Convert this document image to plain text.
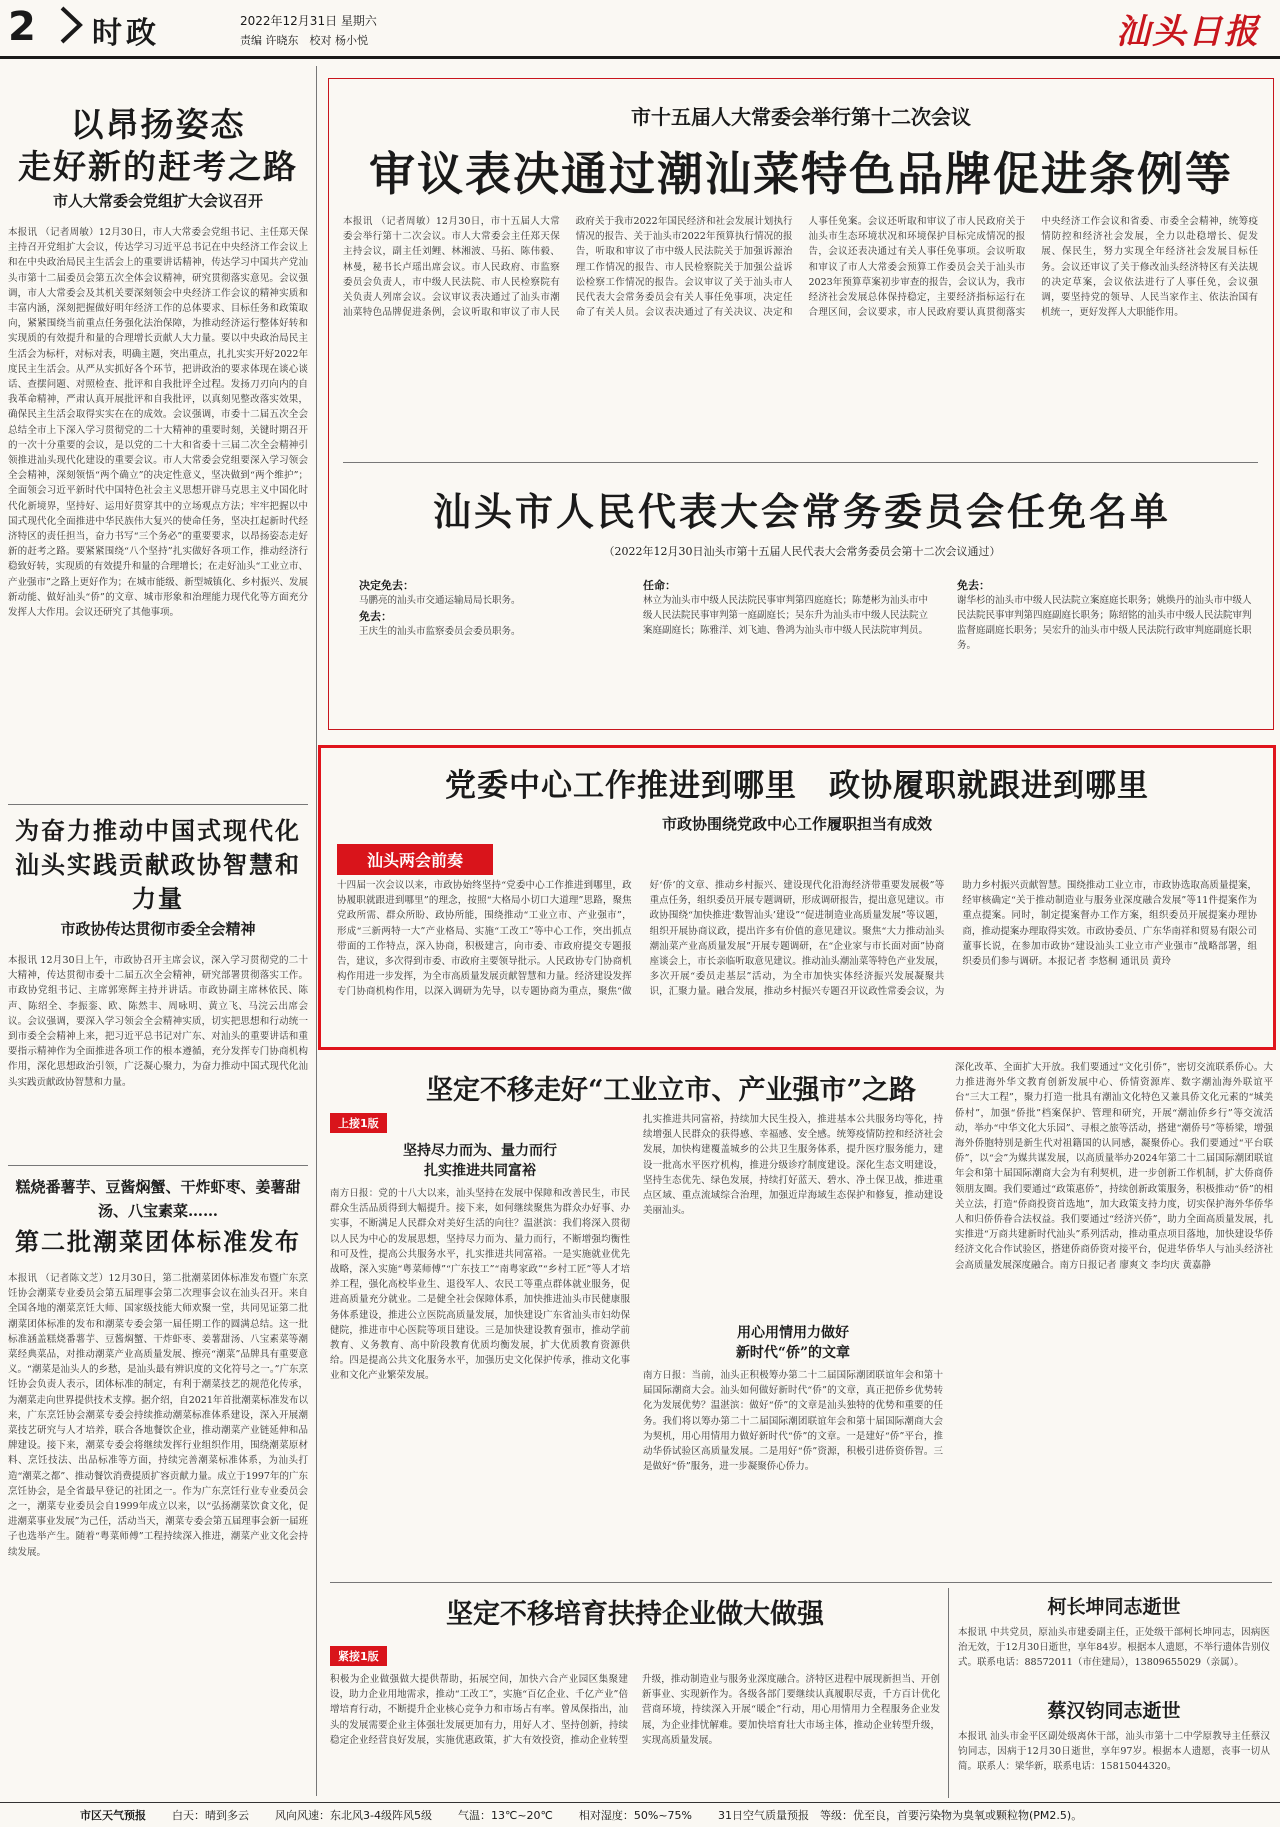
2 时政	2022年12月31日 星期六
责编 许晓东　校对 杨小悦	汕头日报
以昂扬姿态
走好新的赶考之路
市人大常委会党组扩大会议召开
本报讯 （记者周敏）12月30日，市人大常委会党组书记、主任郑天保主持召开党组扩大会议，传达学习习近平总书记在中央经济工作会议上和在中央政治局民主生活会上的重要讲话精神，传达学习中国共产党汕头市第十二届委员会第五次全体会议精神，研究贯彻落实意见。会议强调，市人大常委会及其机关要深刻领会中央经济工作会议的精神实质和丰富内涵，深刻把握做好明年经济工作的总体要求、目标任务和政策取向，紧紧围绕当前重点任务强化法治保障，为推动经济运行整体好转和实现质的有效提升和量的合理增长贡献人大力量。要以中央政治局民主生活会为标杆，对标对表，明确主题，突出重点，扎扎实实开好2022年度民主生活会。从严从实抓好各个环节，把讲政治的要求体现在谈心谈话、查摆问题、对照检查、批评和自我批评全过程。发扬刀刃向内的自我革命精神，严肃认真开展批评和自我批评，以真刻见整改落实效果，确保民主生活会取得实实在在的成效。会议强调，市委十二届五次全会总结全市上下深入学习贯彻党的二十大精神的重要时刻，关键时期召开的一次十分重要的会议，是以党的二十大和省委十三届二次全会精神引领推进汕头现代化建设的重要会议。市人大常委会党组要深入学习领会全会精神，深刻领悟“两个确立”的决定性意义，坚决做到“两个维护”；全面领会习近平新时代中国特色社会主义思想开辟马克思主义中国化时代化新境界，坚持好、运用好贯穿其中的立场观点方法；牢牢把握以中国式现代化全面推进中华民族伟大复兴的使命任务，坚决扛起新时代经济特区的责任担当，奋力书写“三个务必”的重要要求，以昂扬姿态走好新的赶考之路。要紧紧围绕“八个坚持”扎实做好各项工作，推动经济行稳致好转，实现质的有效提升和量的合理增长；在走好汕头“工业立市、产业强市”之路上更好作为；在城市能级、新型城镇化、乡村振兴、发展新动能、做好汕头“侨”的文章、城市形象和治理能力现代化等方面充分发挥人大作用。会议还研究了其他事项。
为奋力推动中国式现代化
汕头实践贡献政协智慧和力量
市政协传达贯彻市委全会精神
本报讯 12月30日上午，市政协召开主席会议，深入学习贯彻党的二十大精神，传达贯彻市委十二届五次全会精神，研究部署贯彻落实工作。市政协党组书记、主席郭寒辉主持并讲话。市政协副主席林依民、陈声、陈绍全、李振銮、欧、陈然丰、周咏明、黄立飞、马浣云出席会议。会议强调，要深入学习领会全会精神实质，切实把思想和行动统一到市委全会精神上来，把习近平总书记对广东、对汕头的重要讲话和重要指示精神作为全面推进各项工作的根本遵循，充分发挥专门协商机构作用，深化思想政治引领，广泛凝心聚力，为奋力推动中国式现代化汕头实践贡献政协智慧和力量。
糕烧番薯芋、豆酱焖蟹、干炸虾枣、姜薯甜汤、八宝素菜……
第二批潮菜团体标准发布
本报讯 （记者陈文芝）12月30日，第二批潮菜团体标准发布暨广东烹饪协会潮菜专业委员会第五届理事会第二次理事会议在汕头召开。来自全国各地的潮菜烹饪大师、国家级技能大师欢聚一堂，共同见证第二批潮菜团体标准的发布和潮菜专委会第一届任期工作的圆满总结。这一批标准涵盖糕烧番薯芋、豆酱焖蟹、干炸虾枣、姜薯甜汤、八宝素菜等潮菜经典菜品，对推动潮菜产业高质量发展、擦亮“潮菜”品牌具有重要意义。“潮菜是汕头人的乡愁，是汕头最有辨识度的文化符号之一。”广东烹饪协会负责人表示，团体标准的制定，有利于潮菜技艺的规范化传承，为潮菜走向世界提供技术支撑。据介绍，自2021年首批潮菜标准发布以来，广东烹饪协会潮菜专委会持续推动潮菜标准体系建设，深入开展潮菜技艺研究与人才培养，联合各地餐饮企业，推动潮菜产业链延伸和品牌建设。接下来，潮菜专委会将继续发挥行业组织作用，围绕潮菜原材料、烹饪技法、出品标准等方面，持续完善潮菜标准体系，为汕头打造“潮菜之都”、推动餐饮消费提质扩容贡献力量。成立于1997年的广东烹饪协会，是全省最早登记的社团之一。作为广东烹饪行业专业委员会之一，潮菜专业委员会自1999年成立以来，以“弘扬潮菜饮食文化，促进潮菜事业发展”为己任，活动当天，潮菜专委会第五届理事会新一届班子也选举产生。随着“粤菜师傅”工程持续深入推进，潮菜产业文化会持续发展。
市十五届人大常委会举行第十二次会议
审议表决通过潮汕菜特色品牌促进条例等
本报讯 （记者周敏）12月30日，市十五届人大常委会举行第十二次会议。市人大常委会主任郑天保主持会议，副主任刘鲤、林湘波、马拓、陈伟毅、林曼，秘书长卢瑶出席会议。市人民政府、市监察委员会负责人，市中级人民法院、市人民检察院有关负责人列席会议。会议审议表决通过了汕头市潮汕菜特色品牌促进条例，会议听取和审议了市人民政府关于我市2022年国民经济和社会发展计划执行情况的报告、关于汕头市2022年预算执行情况的报告，听取和审议了市中级人民法院关于加强诉源治理工作情况的报告、市人民检察院关于加强公益诉讼检察工作情况的报告。会议审议了关于汕头市人民代表大会常务委员会有关人事任免事项，决定任命了有关人员。会议表决通过了有关决议、决定和人事任免案。会议还听取和审议了市人民政府关于汕头市生态环境状况和环境保护目标完成情况的报告，会议还表决通过有关人事任免事项。会议听取和审议了市人大常委会预算工作委员会关于汕头市2023年预算草案初步审查的报告，会议认为，我市经济社会发展总体保持稳定，主要经济指标运行在合理区间，会议要求，市人民政府要认真贯彻落实中央经济工作会议和省委、市委全会精神，统筹疫情防控和经济社会发展，全力以赴稳增长、促发展、保民生，努力实现全年经济社会发展目标任务。会议还审议了关于修改汕头经济特区有关法规的决定草案，会议依法进行了人事任免，会议强调，要坚持党的领导、人民当家作主、依法治国有机统一，更好发挥人大职能作用。
汕头市人民代表大会常务委员会任免名单
（2022年12月30日汕头市第十五届人民代表大会常务委员会第十二次会议通过）
决定免去：
马鹏亮的汕头市交通运输局局长职务。
免去：
王庆生的汕头市监察委员会委员职务。
任命：
林立为汕头市中级人民法院民事审判第四庭庭长；陈楚彬为汕头市中级人民法院民事审判第一庭副庭长；吴东升为汕头市中级人民法院立案庭副庭长；陈雅洋、刘飞迪、鲁鸿为汕头市中级人民法院审判员。
免去：
谢华杉的汕头市中级人民法院立案庭庭长职务；姚焕丹的汕头市中级人民法院民事审判第四庭副庭长职务；陈绍铭的汕头市中级人民法院审判监督庭副庭长职务；吴宏升的汕头市中级人民法院行政审判庭副庭长职务。
党委中心工作推进到哪里　政协履职就跟进到哪里
市政协围绕党政中心工作履职担当有成效
汕头两会前奏
十四届一次会议以来，市政协始终坚持“党委中心工作推进到哪里，政协履职就跟进到哪里”的理念，按照“大格局小切口大道理”思路，聚焦党政所需、群众所盼、政协所能，围绕推动“工业立市、产业强市”，形成“三新两特一大”产业格局、实施“工改工”等中心工作，突出抓点带面的工作特点，深入协商，积极建言，向市委、市政府提交专题报告，建议，多次得到市委、市政府主要领导批示。人民政协专门协商机构作用进一步发挥，为全市高质量发展贡献智慧和力量。经济建设发挥专门协商机构作用，以深入调研为先导，以专题协商为重点，聚焦“做好‘侨’的文章、推动乡村振兴、建设现代化沿海经济带重要发展极”等重点任务，组织委员开展专题调研，形成调研报告，提出意见建议。市政协围绕“加快推进‘数智汕头’建设”“促进制造业高质量发展”等议题，组织开展协商议政，提出许多有价值的意见建议。聚焦“大力推动汕头潮汕菜产业高质量发展”开展专题调研，在“企业家与市长面对面”协商座谈会上，市长亲临听取意见建议。推动汕头潮汕菜等特色产业发展，多次开展“委员走基层”活动，为全市加快实体经济振兴发展凝聚共识，汇聚力量。融合发展，推动乡村振兴专题召开议政性常委会议，为助力乡村振兴贡献智慧。围绕推动工业立市，市政协选取高质量提案，经审核确定“关于推动制造业与服务业深度融合发展”等11件提案作为重点提案。同时，制定提案督办工作方案，组织委员开展提案办理协商，推动提案办理取得实效。市政协委员、广东华南祥和贸易有限公司董事长说，在参加市政协“建设汕头工业立市产业强市”战略部署，组织委员们参与调研。本报记者 李悠桐 通讯员 黄玲
坚定不移走好“工业立市、产业强市”之路
上接1版
坚持尽力而为、量力而行
扎实推进共同富裕
南方日报：党的十八大以来，汕头坚持在发展中保障和改善民生，市民群众生活品质得到大幅提升。接下来，如何继续聚焦为群众办好事、办实事，不断满足人民群众对美好生活的向往？温湛滨：我们将深入贯彻以人民为中心的发展思想，坚持尽力而为、量力而行，不断增强均衡性和可及性，提高公共服务水平，扎实推进共同富裕。一是实施就业优先战略，深入实施“粤菜师傅”“广东技工”“南粤家政”“乡村工匠”等人才培养工程，强化高校毕业生、退役军人、农民工等重点群体就业服务，促进高质量充分就业。二是健全社会保障体系，加快推进汕头市民健康服务体系建设，推进公立医院高质量发展，加快建设广东省汕头市妇幼保健院，推进市中心医院等项目建设。三是加快建设教育强市，推动学前教育、义务教育、高中阶段教育优质均衡发展，扩大优质教育资源供给。四是提高公共文化服务水平，加强历史文化保护传承，推动文化事业和文化产业繁荣发展。
扎实推进共同富裕，持续加大民生投入，推进基本公共服务均等化，持续增强人民群众的获得感、幸福感、安全感。统筹疫情防控和经济社会发展，加快构建覆盖城乡的公共卫生服务体系，提升医疗服务能力，建设一批高水平医疗机构，推进分级诊疗制度建设。深化生态文明建设，坚持生态优先、绿色发展，持续打好蓝天、碧水、净土保卫战，推进重点区域、重点流域综合治理，加强近岸海域生态保护和修复，推动建设美丽汕头。
用心用情用力做好
新时代“侨”的文章
南方日报：当前，汕头正积极筹办第二十二届国际潮团联谊年会和第十届国际潮商大会。汕头如何做好新时代“侨”的文章，真正把侨乡优势转化为发展优势？温湛滨：做好“侨”的文章是汕头独特的优势和重要的任务。我们将以筹办第二十二届国际潮团联谊年会和第十届国际潮商大会为契机，用心用情用力做好新时代“侨”的文章。一是建好“侨”平台，推动华侨试验区高质量发展。二是用好“侨”资源，积极引进侨资侨智。三是做好“侨”服务，进一步凝聚侨心侨力。
深化改革、全面扩大开放。我们要通过“文化引侨”，密切交流联系侨心。大力推进海外华文教育创新发展中心、侨情资源库、数字潮汕海外联谊平台“三大工程”，聚力打造一批具有潮汕文化特色又兼具侨文化元素的“城美侨村”，加强“侨批”档案保护、管理和研究，开展“潮汕侨乡行”等交流活动，举办“中华文化大乐园”、寻根之旅等活动，搭建“潮侨号”等桥梁，增强海外侨胞特别是新生代对祖籍国的认同感，凝聚侨心。我们要通过“平台联侨”，以“会”为媒共谋发展，以高质量举办2024年第二十二届国际潮团联谊年会和第十届国际潮商大会为有利契机，进一步创新工作机制，扩大侨商侨领朋友圈。我们要通过“政策惠侨”，持续创新政策服务，积极推动“侨”的相关立法，打造“侨商投资首选地”，加大政策支持力度，切实保护海外华侨华人和归侨侨眷合法权益。我们要通过“经济兴侨”，助力全面高质量发展，扎实推进“万商共建新时代汕头”系列活动，推动重点项目落地，加快建设华侨经济文化合作试验区，搭建侨商侨资对接平台，促进华侨华人与汕头经济社会高质量发展深度融合。南方日报记者 廖爽文 李均庆 黄嘉静
坚定不移培育扶持企业做大做强
紧接1版
积极为企业做强做大提供帮助，拓展空间，加快六合产业园区集聚建设，助力企业用地需求，推动“工改工”，实施“百亿企业、千亿产业”倍增培育行动，不断提升企业核心竞争力和市场占有率。曾凤保指出，汕头的发展需要企业主体强壮发展更加有力，用好人才、坚持创新，持续稳定企业经营良好发展，实施优惠政策，扩大有效投资，推动企业转型升级，推动制造业与服务业深度融合。济特区进程中展现新担当、开创新事业、实现新作为。各级各部门要继续认真履职尽责，千方百计优化营商环境，持续深入开展“暖企”行动，用心用情用力全程服务企业发展，为企业排忧解难。要加快培育壮大市场主体，推动企业转型升级，实现高质量发展。
柯长坤同志逝世
本报讯 中共党员，原汕头市建委副主任，正处级干部柯长坤同志，因病医治无效，于12月30日逝世，享年84岁。根据本人遗愿，不举行遗体告别仪式。联系电话：88572011（市住建局），13809655029（亲属）。
蔡汉钧同志逝世
本报讯 汕头市金平区副处级离休干部，汕头市第十二中学原教导主任蔡汉钧同志，因病于12月30日逝世，享年97岁。根据本人遗愿，丧事一切从简。联系人：梁华新，联系电话：15815044320。
市区天气预报 白天：晴到多云 风向风速：东北风3-4级阵风5级 气温：13℃~20℃ 相对湿度：50%~75% 31日空气质量预报　等级：优至良，首要污染物为臭氧或颗粒物(PM2.5)。
